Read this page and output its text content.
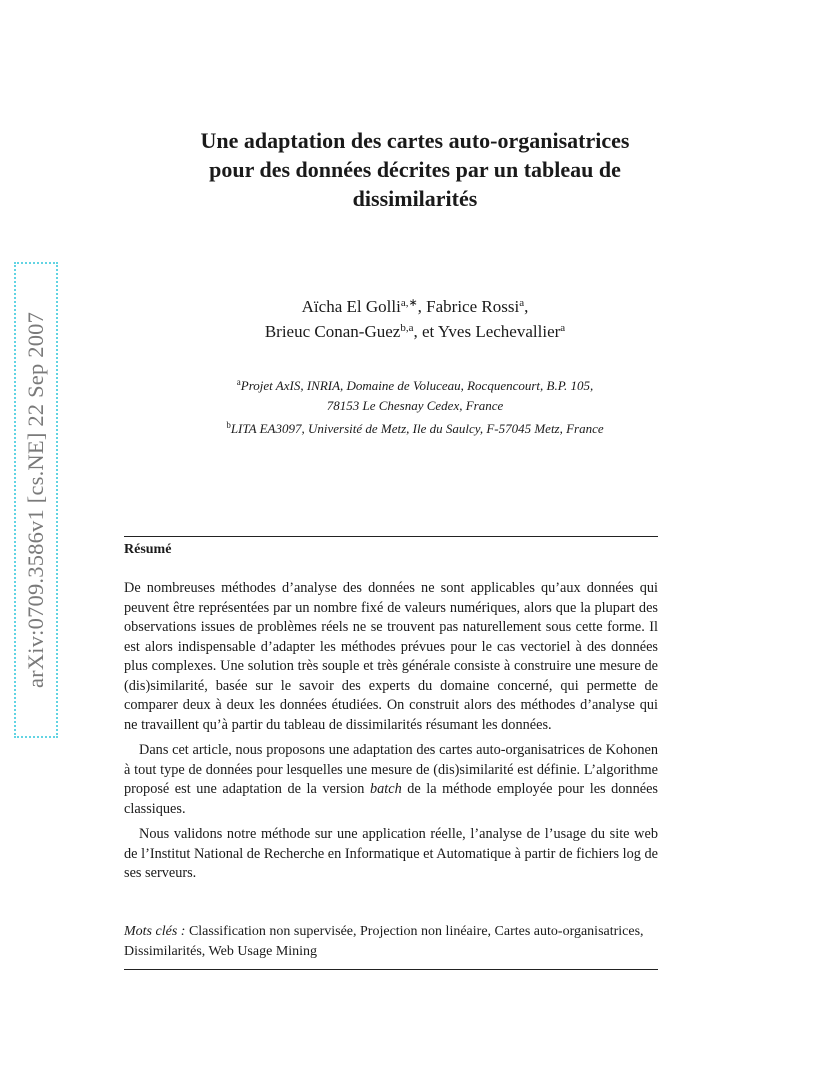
arXiv:0709.3586v1 [cs.NE] 22 Sep 2007
Une adaptation des cartes auto-organisatrices
pour des données décrites par un tableau de
dissimilarités
Aïcha El Golli$^{a,∗}$, Fabrice Rossi$^a$,
Brieuc Conan-Guez$^{b,a}$, et Yves Lechevallier$^a$
$^a$Projet AxIS, INRIA, Domaine de Voluceau, Rocquencourt, B.P. 105,
78153 Le Chesnay Cedex, France
$^b$LITA EA3097, Université de Metz, Ile du Saulcy, F-57045 Metz, France
Résumé

De nombreuses méthodes d’analyse des données ne sont applicables qu’aux données qui peuvent être représentées par un nombre fixé de valeurs numériques, alors que la plupart des observations issues de problèmes réels ne se trouvent pas naturellement sous cette forme. Il est alors indispensable d’adapter les méthodes prévues pour le cas vectoriel à des données plus complexes. Une solution très souple et très générale consiste à construire une mesure de (dis)similarité, basée sur le savoir des experts du domaine concerné, qui permette de comparer deux à deux les données étudiées. On construit alors des méthodes d’analyse qui ne travaillent qu’à partir du tableau de dissimilarités résumant les données.

Dans cet article, nous proposons une adaptation des cartes auto-organisatrices de Kohonen à tout type de données pour lesquelles une mesure de (dis)similarité est définie. L’algorithme proposé est une adaptation de la version batch de la méthode employée pour les données classiques.

Nous validons notre méthode sur une application réelle, l’analyse de l’usage du site web de l’Institut National de Recherche en Informatique et Automatique à partir de fichiers log de ses serveurs.

Mots clés : Classification non supervisée, Projection non linéaire, Cartes auto-organisatrices, Dissimilarités, Web Usage Mining
